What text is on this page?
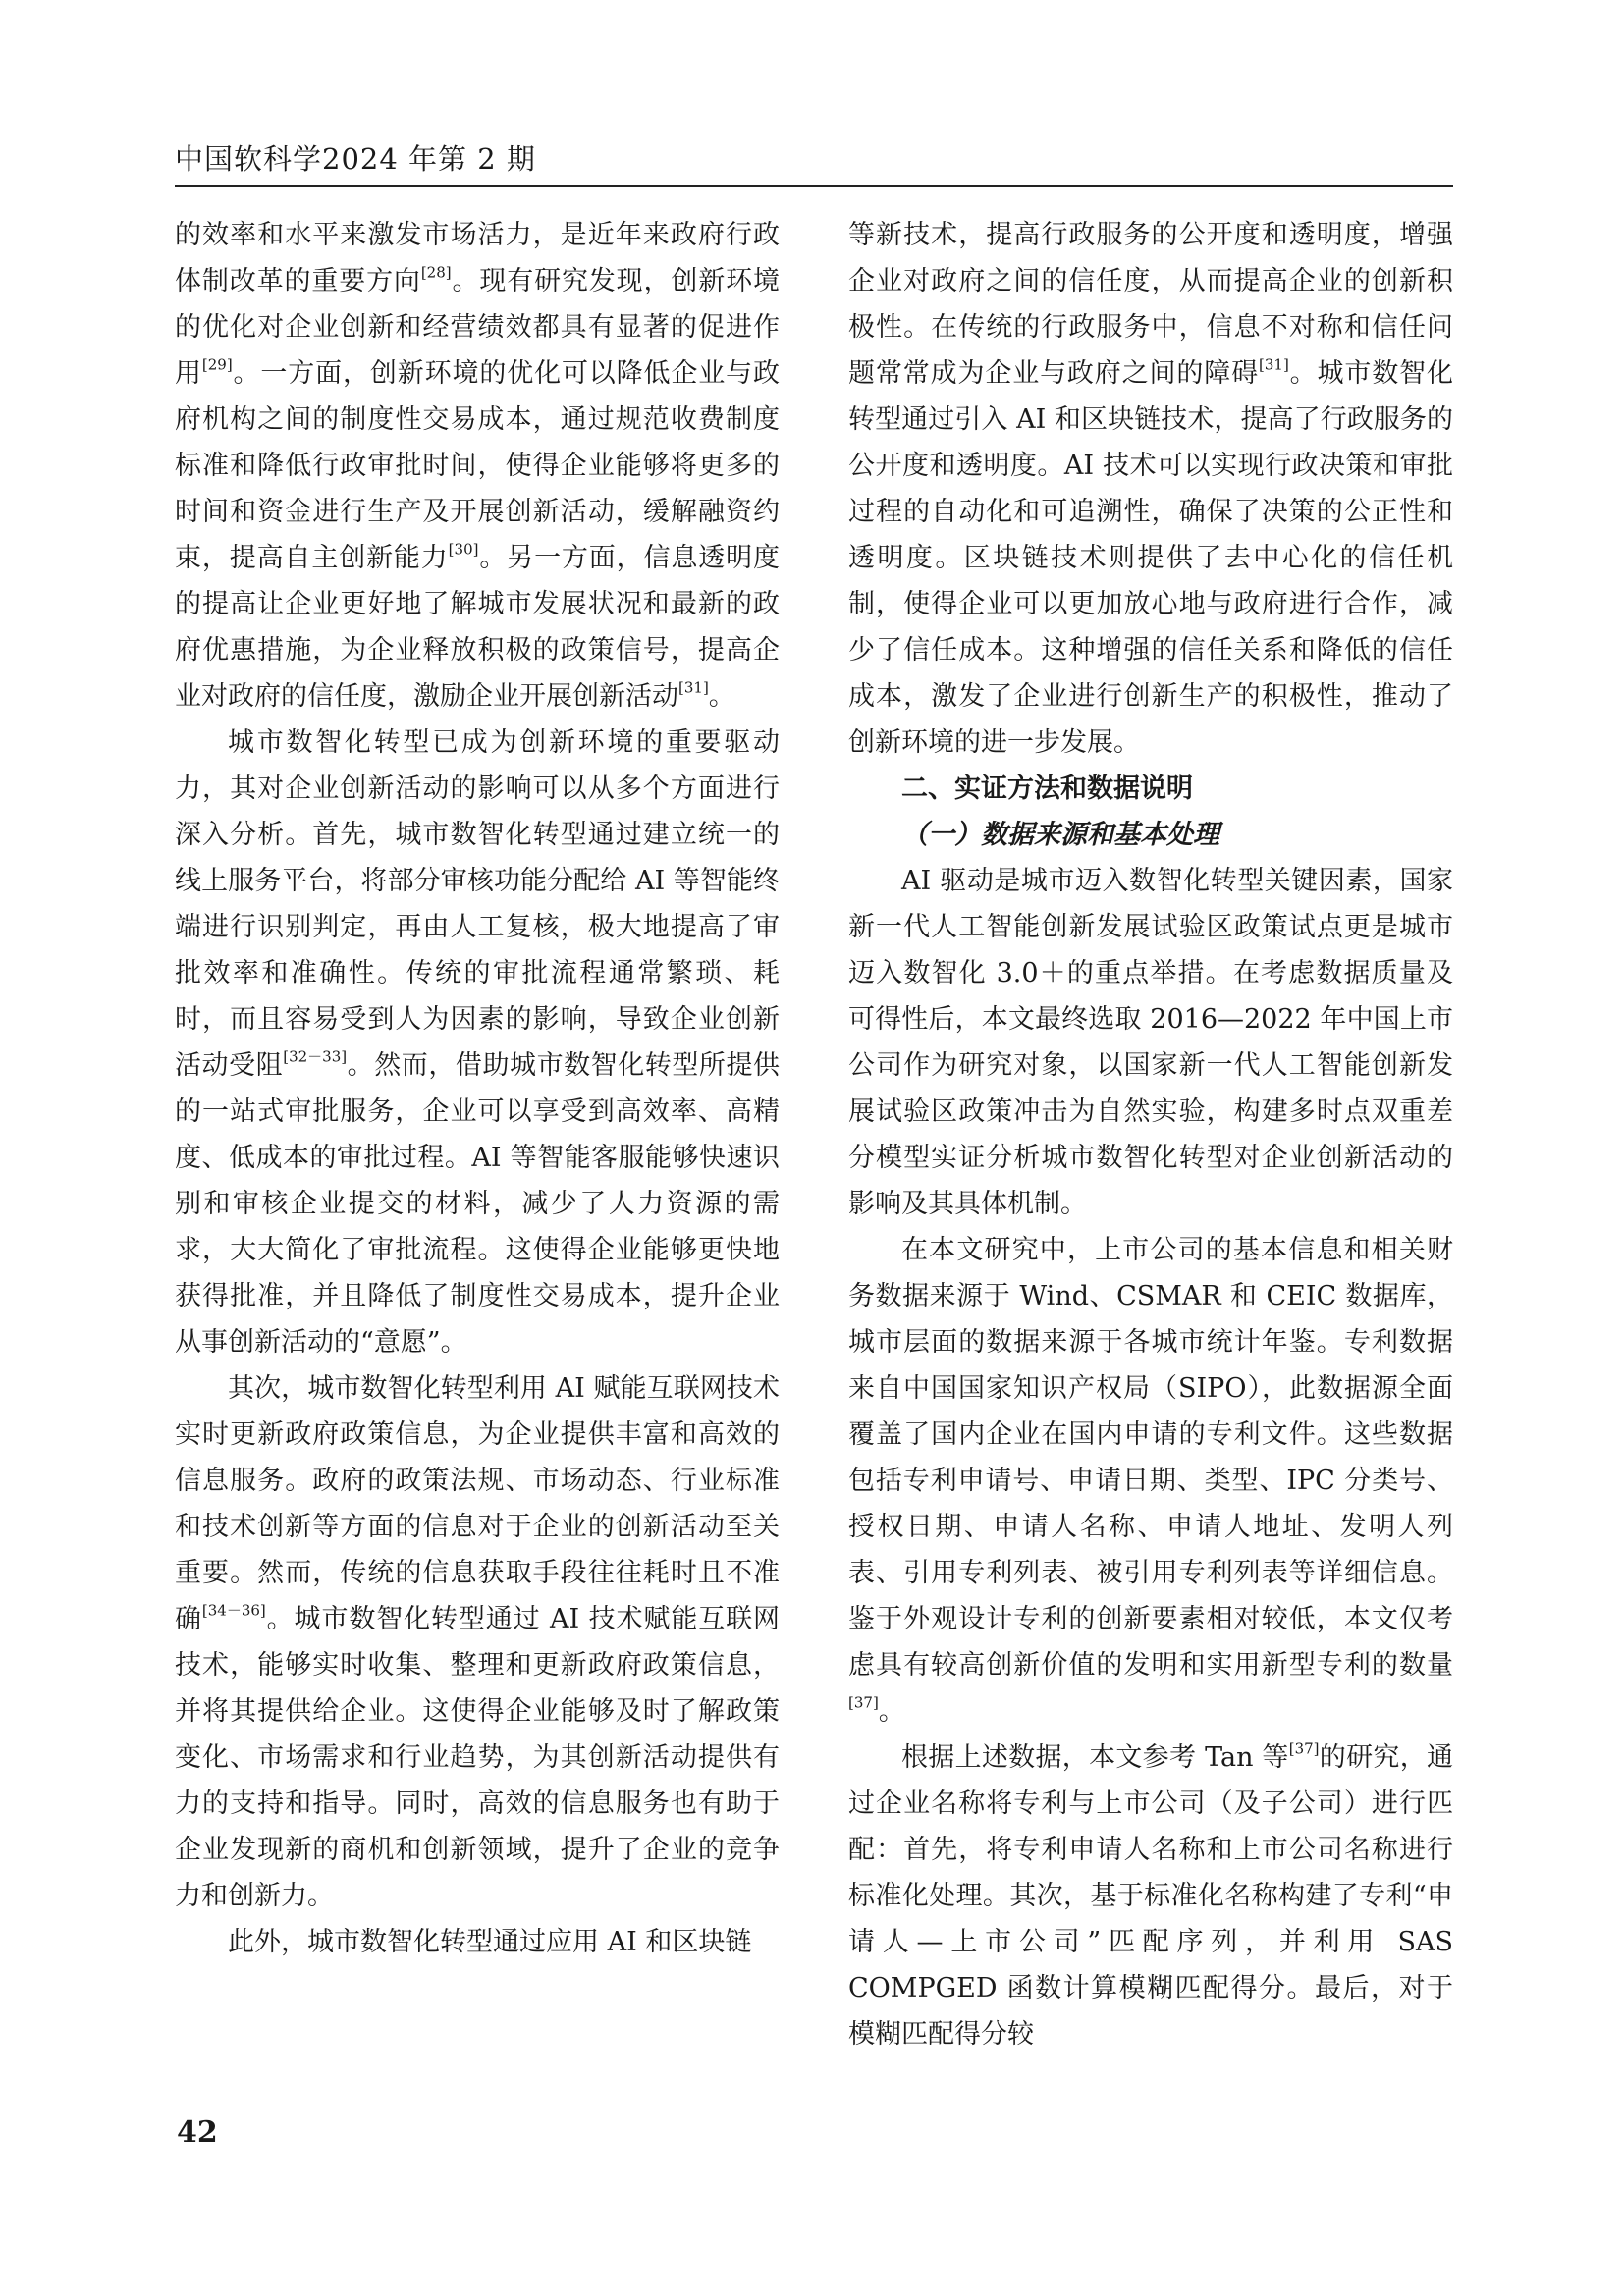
中国软科学2024 年第 2 期

的效率和水平来激发市场活力，是近年来政府行政体制改革的重要方向[28]。现有研究发现，创新环境的优化对企业创新和经营绩效都具有显著的促进作用[29]。一方面，创新环境的优化可以降低企业与政府机构之间的制度性交易成本，通过规范收费制度标准和降低行政审批时间，使得企业能够将更多的时间和资金进行生产及开展创新活动，缓解融资约束，提高自主创新能力[30]。另一方面，信息透明度的提高让企业更好地了解城市发展状况和最新的政府优惠措施，为企业释放积极的政策信号，提高企业对政府的信任度，激励企业开展创新活动[31]。

城市数智化转型已成为创新环境的重要驱动力，其对企业创新活动的影响可以从多个方面进行深入分析。首先，城市数智化转型通过建立统一的线上服务平台，将部分审核功能分配给 AI 等智能终端进行识别判定，再由人工复核，极大地提高了审批效率和准确性。传统的审批流程通常繁琐、耗时，而且容易受到人为因素的影响，导致企业创新活动受阻[32－33]。然而，借助城市数智化转型所提供的一站式审批服务，企业可以享受到高效率、高精度、低成本的审批过程。AI 等智能客服能够快速识别和审核企业提交的材料，减少了人力资源的需求，大大简化了审批流程。这使得企业能够更快地获得批准，并且降低了制度性交易成本，提升企业从事创新活动的“意愿”。

其次，城市数智化转型利用 AI 赋能互联网技术实时更新政府政策信息，为企业提供丰富和高效的信息服务。政府的政策法规、市场动态、行业标准和技术创新等方面的信息对于企业的创新活动至关重要。然而，传统的信息获取手段往往耗时且不准确[34－36]。城市数智化转型通过 AI 技术赋能互联网技术，能够实时收集、整理和更新政府政策信息，并将其提供给企业。这使得企业能够及时了解政策变化、市场需求和行业趋势，为其创新活动提供有力的支持和指导。同时，高效的信息服务也有助于企业发现新的商机和创新领域，提升了企业的竞争力和创新力。

此外，城市数智化转型通过应用 AI 和区块链

等新技术，提高行政服务的公开度和透明度，增强企业对政府之间的信任度，从而提高企业的创新积极性。在传统的行政服务中，信息不对称和信任问题常常成为企业与政府之间的障碍[31]。城市数智化转型通过引入 AI 和区块链技术，提高了行政服务的公开度和透明度。AI 技术可以实现行政决策和审批过程的自动化和可追溯性，确保了决策的公正性和透明度。区块链技术则提供了去中心化的信任机制，使得企业可以更加放心地与政府进行合作，减少了信任成本。这种增强的信任关系和降低的信任成本，激发了企业进行创新生产的积极性，推动了创新环境的进一步发展。

二、实证方法和数据说明
（一）数据来源和基本处理

AI 驱动是城市迈入数智化转型关键因素，国家新一代人工智能创新发展试验区政策试点更是城市迈入数智化 3.0＋的重点举措。在考虑数据质量及可得性后，本文最终选取 2016—2022 年中国上市公司作为研究对象，以国家新一代人工智能创新发展试验区政策冲击为自然实验，构建多时点双重差分模型实证分析城市数智化转型对企业创新活动的影响及其具体机制。

在本文研究中，上市公司的基本信息和相关财务数据来源于 Wind、CSMAR 和 CEIC 数据库，城市层面的数据来源于各城市统计年鉴。专利数据来自中国国家知识产权局（SIPO），此数据源全面覆盖了国内企业在国内申请的专利文件。这些数据包括专利申请号、申请日期、类型、IPC 分类号、授权日期、申请人名称、申请人地址、发明人列表、引用专利列表、被引用专利列表等详细信息。鉴于外观设计专利的创新要素相对较低，本文仅考虑具有较高创新价值的发明和实用新型专利的数量[37]。

根据上述数据，本文参考 Tan 等[37]的研究，通过企业名称将专利与上市公司（及子公司）进行匹配：首先，将专利申请人名称和上市公司名称进行标准化处理。其次，基于标准化名称构建了专利“申请人—上市公司”匹配序列，并利用 SAS COMPGED 函数计算模糊匹配得分。最后，对于模糊匹配得分较

42
